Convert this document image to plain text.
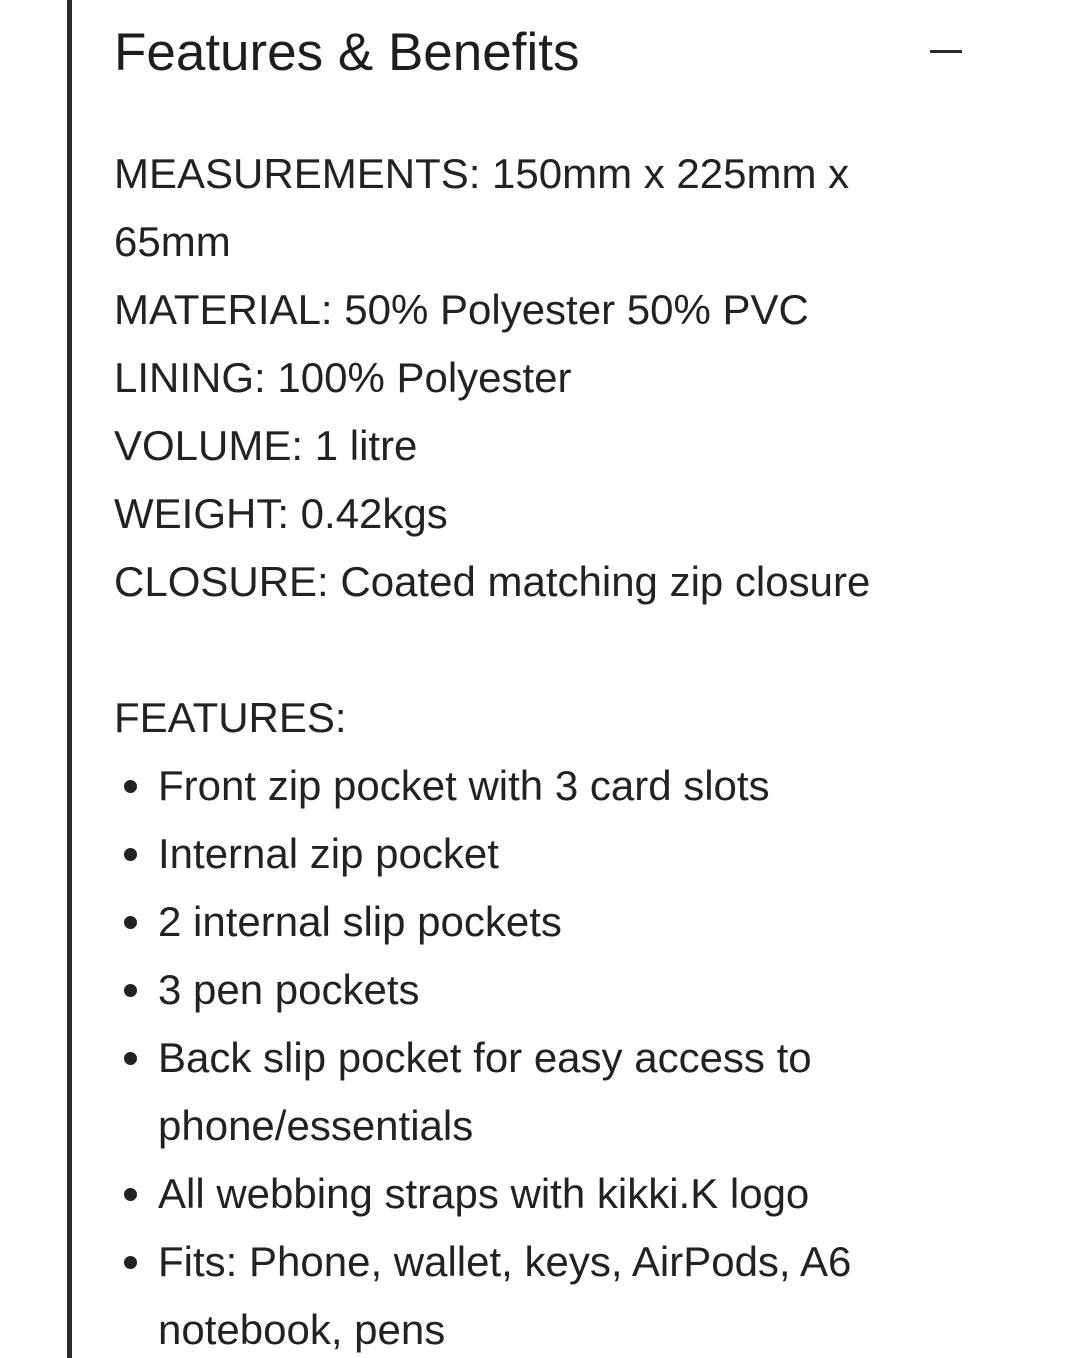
Features & Benefits
MEASUREMENTS: 150mm x 225mm x 65mm
MATERIAL: 50% Polyester 50% PVC
LINING: 100% Polyester
VOLUME: 1 litre
WEIGHT: 0.42kgs
CLOSURE: Coated matching zip closure
FEATURES:
Front zip pocket with 3 card slots
Internal zip pocket
2 internal slip pockets
3 pen pockets
Back slip pocket for easy access to phone/essentials
All webbing straps with kikki.K logo
Fits: Phone, wallet, keys, AirPods, A6 notebook, pens
